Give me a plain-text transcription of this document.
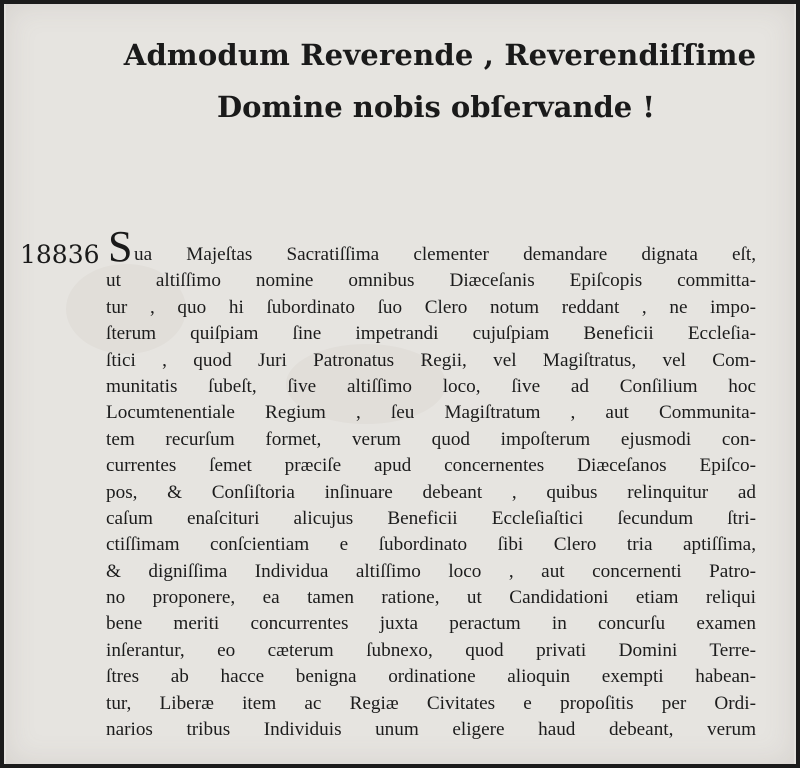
Admodum Reverende , Reverendiſſime
Domine nobis obſervande !
18836 S ua Majeſtas Sacratiſſima clementer demandare dignata eſt,
ut altiſſimo nomine omnibus Diæceſanis Epiſcopis committa-
tur , quo hi ſubordinato ſuo Clero notum reddant , ne impo-
ſterum quiſpiam ſine impetrandi cujuſpiam Beneficii Eccleſia-
ſtici , quod Juri Patronatus Regii, vel Magiſtratus, vel Com-
munitatis ſubeſt, ſive altiſſimo loco, ſive ad Conſilium hoc
Locumtenentiale Regium , ſeu Magiſtratum , aut Communita-
tem recurſum formet, verum quod impoſterum ejusmodi con-
currentes ſemet præciſe apud concernentes Diæceſanos Epiſco-
pos, & Conſiſtoria inſinuare debeant , quibus relinquitur ad
caſum enaſcituri alicujus Beneficii Eccleſiaſtici ſecundum ſtri-
ctiſſimam conſcientiam e ſubordinato ſibi Clero tria aptiſſima,
& digniſſima Individua altiſſimo loco , aut concernenti Patro-
no proponere, ea tamen ratione, ut Candidationi etiam reliqui
bene meriti concurrentes juxta peractum in concurſu examen
inſerantur, eo cæterum ſubnexo, quod privati Domini Terre-
ſtres ab hacce benigna ordinatione alioquin exempti habean-
tur, Liberæ item ac Regiæ Civitates e propoſitis per Ordi-
narios tribus Individuis unum eligere haud debeant, verum
